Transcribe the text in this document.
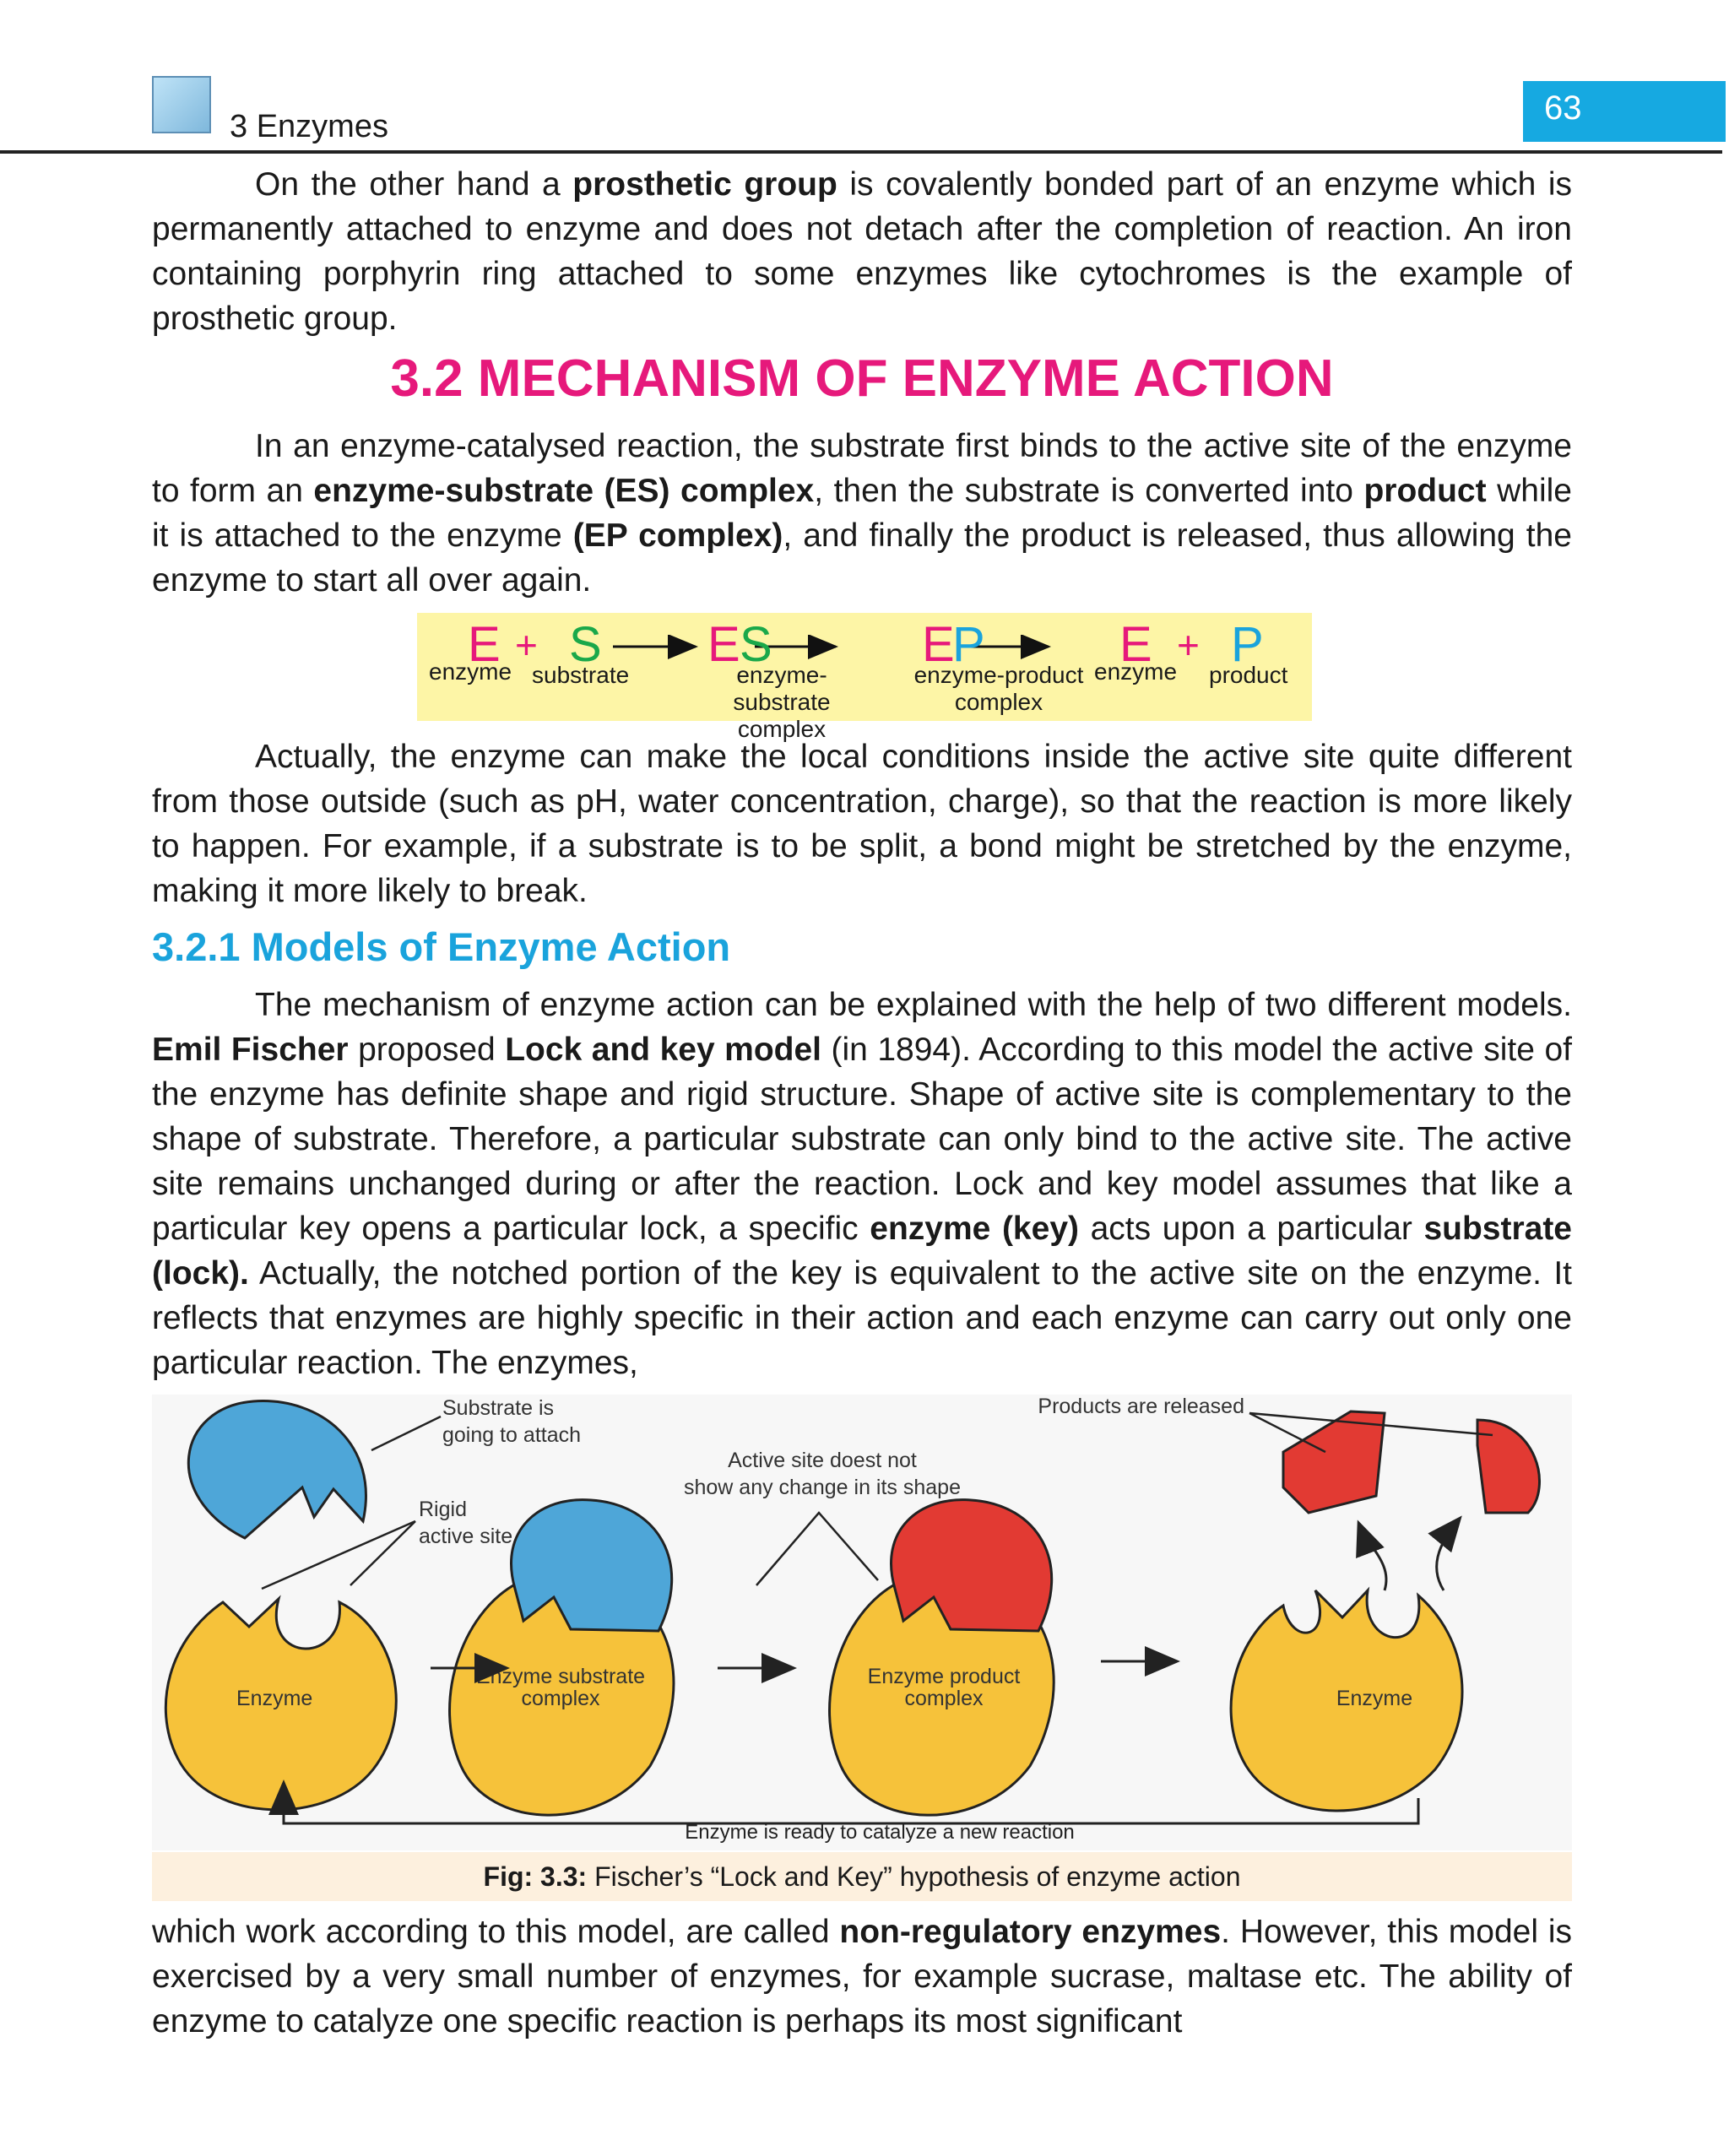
3 Enzymes	63

On the other hand a prosthetic group is covalently bonded part of an enzyme which is permanently attached to enzyme and does not detach after the completion of reaction. An iron containing porphyrin ring attached to some enzymes like cytochromes is the example of prosthetic group.

3.2 MECHANISM OF ENZYME ACTION

In an enzyme-catalysed reaction, the substrate first binds to the active site of the enzyme to form an enzyme-substrate (ES) complex, then the substrate is converted into product while it is attached to the enzyme (EP complex), and finally the product is released, thus allowing the enzyme to start all over again.

E + S E S	E
P	E + P
enzyme substrate	enzyme-substrate
complex
enzyme-product
complex
enzyme product

Actually, the enzyme can make the local conditions inside the active site quite different from those outside (such as pH, water concentration, charge), so that the reaction is more likely to happen. For example, if a substrate is to be split, a bond might be stretched by the enzyme, making it more likely to break.

3.2.1 Models of Enzyme Action

The mechanism of enzyme action can be explained with the help of two different models. Emil Fischer proposed Lock and key model (in 1894). According to this model the active site of the enzyme has definite shape and rigid structure. Shape of active site is complementary to the shape of substrate. Therefore, a particular substrate can only bind to the active site. The active site remains unchanged during or after the reaction. Lock and key model assumes that like a particular key opens a particular lock, a specific enzyme (key) acts upon a particular substrate (lock). Actually, the notched portion of the key is equivalent to the active site on the enzyme. It reflects that enzymes are highly specific in their action and each enzyme can carry out only one particular reaction. The enzymes,

Enzyme
Enzyme substrate
complex
Enzyme product
complex	Enzyme
Enzyme is ready to catalyze a new reaction
Substrate is
going to attach
Rigid
active site
Active site doest not
show any change in its shape
Products are released
Fig: 3.3: Fischer’s “Lock and Key” hypothesis of enzyme action

which work according to this model, are called non-regulatory enzymes. However, this model is exercised by a very small number of enzymes, for example sucrase, maltase etc. The ability of enzyme to catalyze one specific reaction is perhaps its most significant
